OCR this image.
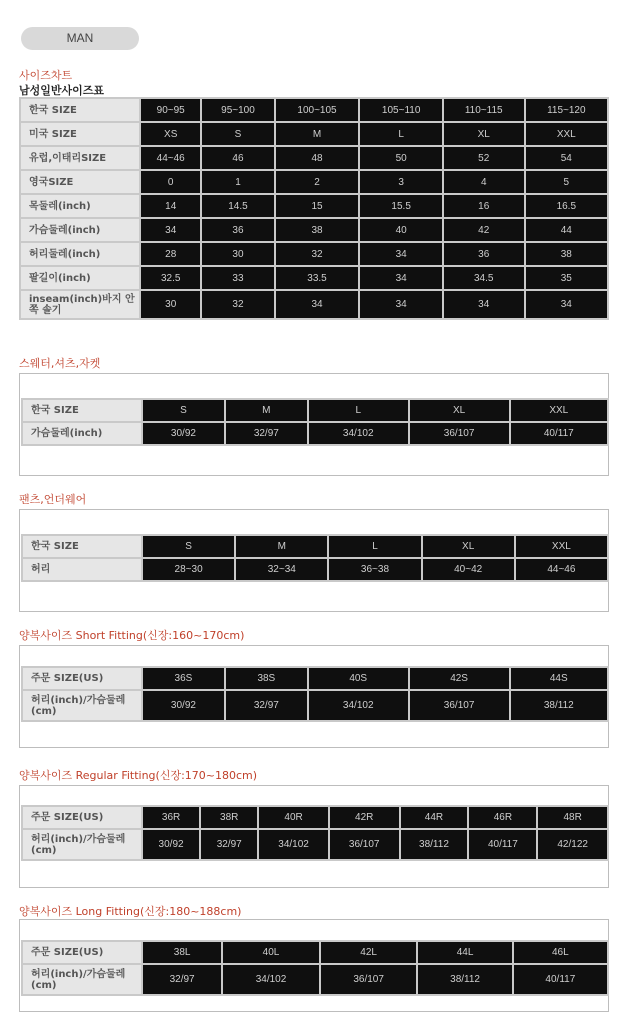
MAN
사이즈차트
남성일반사이즈표
한국 SIZE	90~95	95~100	100~105	105~110	110~115	115~120
미국 SIZE	XS	S	M	L	XL	XXL
유럽,이태리SIZE	44~46	46	48	50	52	54
영국SIZE	0	1	2	3	4	5
목둘레(inch)	14	14.5	15	15.5	16	16.5
가슴둘레(inch)	34	36	38	40	42	44
허리둘레(inch)	28	30	32	34	36	38
팔길이(inch)	32.5	33	33.5	34	34.5	35
inseam(inch)바지 안쪽 솔기	30	32	34	34	34	34
스웨터,셔츠,자켓
한국 SIZE	S	M	L	XL	XXL
가슴둘레(inch)	30/92	32/97	34/102	36/107	40/117
팬츠,언더웨어
한국 SIZE	S	M	L	XL	XXL
허리	28~30	32~34	36~38	40~42	44~46
양복사이즈 Short Fitting(신장:160~170cm)
주문 SIZE(US)	36S	38S	40S	42S	44S
허리(inch)/가슴둘레(cm)	30/92	32/97	34/102	36/107	38/112
양복사이즈 Regular Fitting(신장:170~180cm)
주문 SIZE(US)	36R	38R	40R	42R	44R	46R	48R
허리(inch)/가슴둘레(cm)	30/92	32/97	34/102	36/107	38/112	40/117	42/122
양복사이즈 Long Fitting(신장:180~188cm)
주문 SIZE(US)	38L	40L	42L	44L	46L
허리(inch)/가슴둘레(cm)	32/97	34/102	36/107	38/112	40/117
